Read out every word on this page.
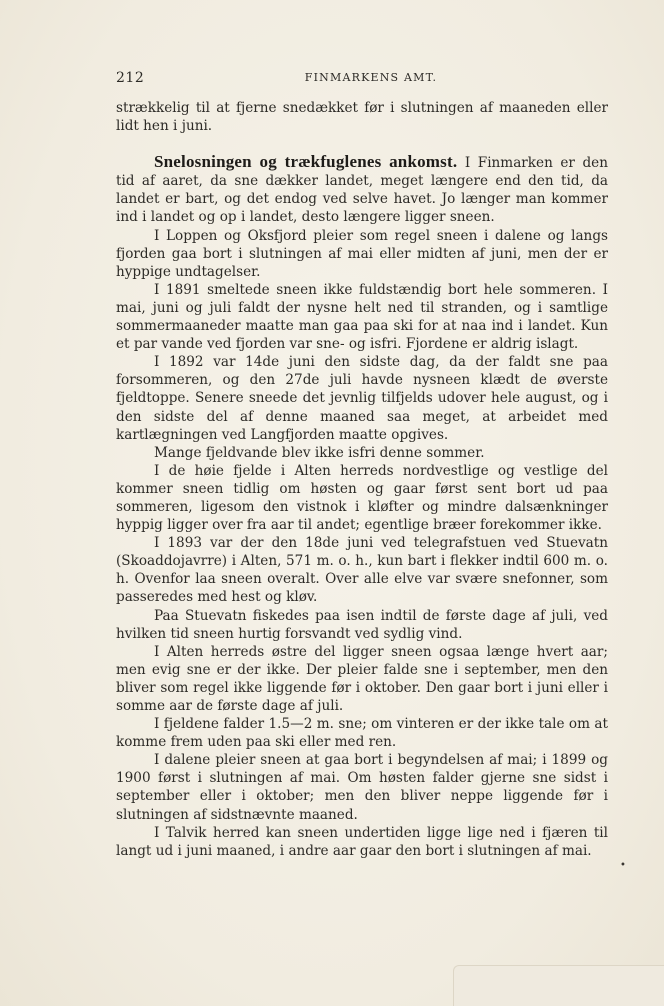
212	FINMARKENS AMT.

strækkelig til at fjerne snedækket før i slutningen af maaneden eller lidt hen i juni.

Snelosningen og trækfuglenes ankomst. I Finmarken er den tid af aaret, da sne dækker landet, meget længere end den tid, da landet er bart, og det endog ved selve havet. Jo længer man kommer ind i landet og op i landet, desto længere ligger sneen.

I Loppen og Oksfjord pleier som regel sneen i dalene og langs fjorden gaa bort i slutningen af mai eller midten af juni, men der er hyppige undtagelser.

I 1891 smeltede sneen ikke fuldstændig bort hele sommeren. I mai, juni og juli faldt der nysne helt ned til stranden, og i samtlige sommermaaneder maatte man gaa paa ski for at naa ind i landet. Kun et par vande ved fjorden var sne- og isfri. Fjordene er aldrig islagt.

I 1892 var 14de juni den sidste dag, da der faldt sne paa forsommeren, og den 27de juli havde nysneen klædt de øverste fjeldtoppe. Senere sneede det jevnlig tilfjelds udover hele august, og i den sidste del af denne maaned saa meget, at arbeidet med kartlægningen ved Langfjorden maatte opgives.

Mange fjeldvande blev ikke isfri denne sommer.

I de høie fjelde i Alten herreds nordvestlige og vestlige del kommer sneen tidlig om høsten og gaar først sent bort ud paa sommeren, ligesom den vistnok i kløfter og mindre dalsænkninger hyppig ligger over fra aar til andet; egentlige bræer forekommer ikke.

I 1893 var der den 18de juni ved telegrafstuen ved Stuevatn (Skoaddojavrre) i Alten, 571 m. o. h., kun bart i flekker indtil 600 m. o. h. Ovenfor laa sneen overalt. Over alle elve var svære snefonner, som passeredes med hest og kløv.

Paa Stuevatn fiskedes paa isen indtil de første dage af juli, ved hvilken tid sneen hurtig forsvandt ved sydlig vind.

I Alten herreds østre del ligger sneen ogsaa længe hvert aar; men evig sne er der ikke. Der pleier falde sne i september, men den bliver som regel ikke liggende før i oktober. Den gaar bort i juni eller i somme aar de første dage af juli.

I fjeldene falder 1.5—2 m. sne; om vinteren er der ikke tale om at komme frem uden paa ski eller med ren.

I dalene pleier sneen at gaa bort i begyndelsen af mai; i 1899 og 1900 først i slutningen af mai. Om høsten falder gjerne sne sidst i september eller i oktober; men den bliver neppe liggende før i slutningen af sidstnævnte maaned.

I Talvik herred kan sneen undertiden ligge lige ned i fjæren til langt ud i juni maaned, i andre aar gaar den bort i slutningen af mai.

•
